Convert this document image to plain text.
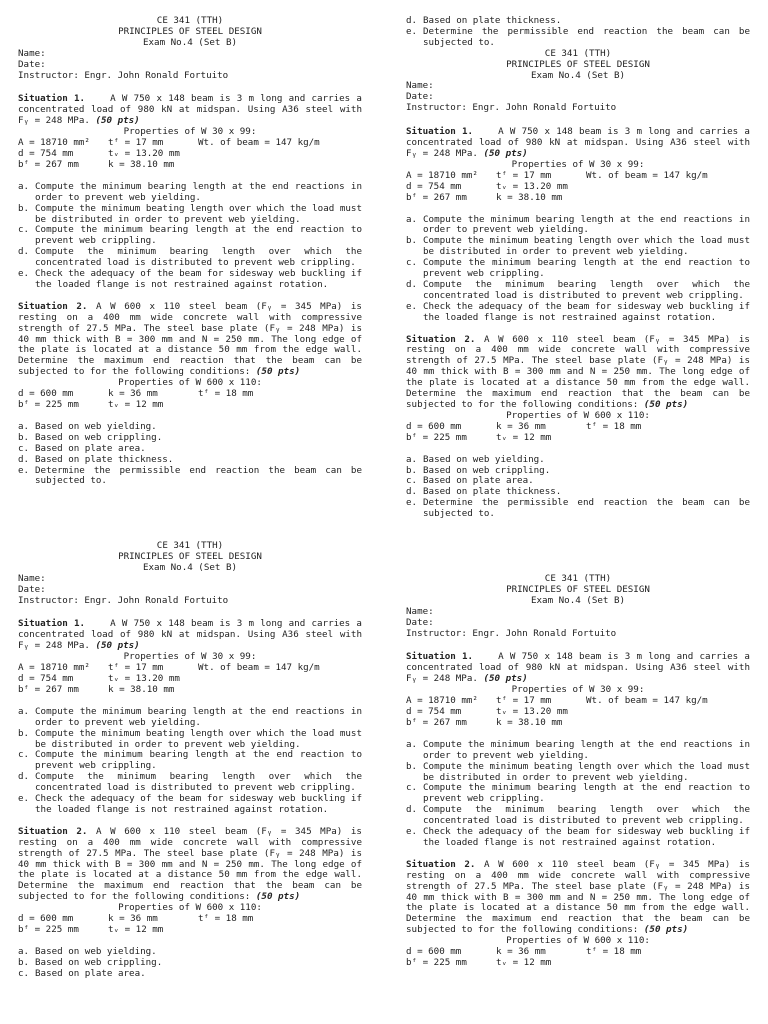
CE 341 (TTH)
PRINCIPLES OF STEEL DESIGN
Exam No.4 (Set B)
Name:
Date:
Instructor: Engr. John Ronald Fortuito
Situation 1.	A W 750 x 148 beam is 3 m long and carries a concentrated load of 980 kN at midspan. Using A36 steel with Fᵧ = 248 MPa. (50 pts)
Properties of W 30 x 99:
A = 18710 mm²	tᶠ = 17 mm	Wt. of beam = 147 kg/m
d = 754 mm	tᵥ = 13.20 mm
bᶠ = 267 mm	k = 38.10 mm
a. Compute the minimum bearing length at the end reactions in order to prevent web yielding.
b. Compute the minimum beating length over which the load must be distributed in order to prevent web yielding.
c. Compute the minimum bearing length at the end reaction to prevent web crippling.
d. Compute the minimum bearing length over which the concentrated load is distributed to prevent web crippling.
e. Check the adequacy of the beam for sidesway web buckling if the loaded flange is not restrained against rotation.
Situation 2. A W 600 x 110 steel beam (Fᵧ = 345 MPa) is resting on a 400 mm wide concrete wall with compressive strength of 27.5 MPa. The steel base plate (Fᵧ = 248 MPa) is 40 mm thick with B = 300 mm and N = 250 mm. The long edge of the plate is located at a distance 50 mm from the edge wall. Determine the maximum end reaction that the beam can be subjected to for the following conditions: (50 pts)
Properties of W 600 x 110:
d = 600 mm	k = 36 mm	tᶠ = 18 mm
bᶠ = 225 mm	tᵥ = 12 mm
a. Based on web yielding.
b. Based on web crippling.
c. Based on plate area.
d. Based on plate thickness.
e. Determine the permissible end reaction the beam can be subjected to.
d. Based on plate thickness.
e. Determine the permissible end reaction the beam can be subjected to.
CE 341 (TTH)
PRINCIPLES OF STEEL DESIGN
Exam No.4 (Set B)
Name:
Date:
Instructor: Engr. John Ronald Fortuito
Situation 1.	A W 750 x 148 beam is 3 m long and carries a concentrated load of 980 kN at midspan. Using A36 steel with Fᵧ = 248 MPa. (50 pts)
Properties of W 30 x 99:
A = 18710 mm²	tᶠ = 17 mm	Wt. of beam = 147 kg/m
d = 754 mm	tᵥ = 13.20 mm
bᶠ = 267 mm	k = 38.10 mm
a. Compute the minimum bearing length at the end reactions in order to prevent web yielding.
b. Compute the minimum beating length over which the load must be distributed in order to prevent web yielding.
c. Compute the minimum bearing length at the end reaction to prevent web crippling.
d. Compute the minimum bearing length over which the concentrated load is distributed to prevent web crippling.
e. Check the adequacy of the beam for sidesway web buckling if the loaded flange is not restrained against rotation.
Situation 2. A W 600 x 110 steel beam (Fᵧ = 345 MPa) is resting on a 400 mm wide concrete wall with compressive strength of 27.5 MPa. The steel base plate (Fᵧ = 248 MPa) is 40 mm thick with B = 300 mm and N = 250 mm. The long edge of the plate is located at a distance 50 mm from the edge wall. Determine the maximum end reaction that the beam can be subjected to for the following conditions: (50 pts)
Properties of W 600 x 110:
d = 600 mm	k = 36 mm	tᶠ = 18 mm
bᶠ = 225 mm	tᵥ = 12 mm
a. Based on web yielding.
b. Based on web crippling.
c. Based on plate area.
d. Based on plate thickness.
e. Determine the permissible end reaction the beam can be subjected to.
CE 341 (TTH)
PRINCIPLES OF STEEL DESIGN
Exam No.4 (Set B)
Name:
Date:
Instructor: Engr. John Ronald Fortuito
Situation 1.	A W 750 x 148 beam is 3 m long and carries a concentrated load of 980 kN at midspan. Using A36 steel with Fᵧ = 248 MPa. (50 pts)
Properties of W 30 x 99:
A = 18710 mm²	tᶠ = 17 mm	Wt. of beam = 147 kg/m
d = 754 mm	tᵥ = 13.20 mm
bᶠ = 267 mm	k = 38.10 mm
a. Compute the minimum bearing length at the end reactions in order to prevent web yielding.
b. Compute the minimum beating length over which the load must be distributed in order to prevent web yielding.
c. Compute the minimum bearing length at the end reaction to prevent web crippling.
d. Compute the minimum bearing length over which the concentrated load is distributed to prevent web crippling.
e. Check the adequacy of the beam for sidesway web buckling if the loaded flange is not restrained against rotation.
Situation 2. A W 600 x 110 steel beam (Fᵧ = 345 MPa) is resting on a 400 mm wide concrete wall with compressive strength of 27.5 MPa. The steel base plate (Fᵧ = 248 MPa) is 40 mm thick with B = 300 mm and N = 250 mm. The long edge of the plate is located at a distance 50 mm from the edge wall. Determine the maximum end reaction that the beam can be subjected to for the following conditions: (50 pts)
Properties of W 600 x 110:
d = 600 mm	k = 36 mm	tᶠ = 18 mm
bᶠ = 225 mm	tᵥ = 12 mm
a. Based on web yielding.
b. Based on web crippling.
c. Based on plate area.
CE 341 (TTH)
PRINCIPLES OF STEEL DESIGN
Exam No.4 (Set B)
Name:
Date:
Instructor: Engr. John Ronald Fortuito
Situation 1.	A W 750 x 148 beam is 3 m long and carries a concentrated load of 980 kN at midspan. Using A36 steel with Fᵧ = 248 MPa. (50 pts)
Properties of W 30 x 99:
A = 18710 mm²	tᶠ = 17 mm	Wt. of beam = 147 kg/m
d = 754 mm	tᵥ = 13.20 mm
bᶠ = 267 mm	k = 38.10 mm
a. Compute the minimum bearing length at the end reactions in order to prevent web yielding.
b. Compute the minimum beating length over which the load must be distributed in order to prevent web yielding.
c. Compute the minimum bearing length at the end reaction to prevent web crippling.
d. Compute the minimum bearing length over which the concentrated load is distributed to prevent web crippling.
e. Check the adequacy of the beam for sidesway web buckling if the loaded flange is not restrained against rotation.
Situation 2. A W 600 x 110 steel beam (Fᵧ = 345 MPa) is resting on a 400 mm wide concrete wall with compressive strength of 27.5 MPa. The steel base plate (Fᵧ = 248 MPa) is 40 mm thick with B = 300 mm and N = 250 mm. The long edge of the plate is located at a distance 50 mm from the edge wall. Determine the maximum end reaction that the beam can be subjected to for the following conditions: (50 pts)
Properties of W 600 x 110:
d = 600 mm	k = 36 mm	tᶠ = 18 mm
bᶠ = 225 mm	tᵥ = 12 mm
